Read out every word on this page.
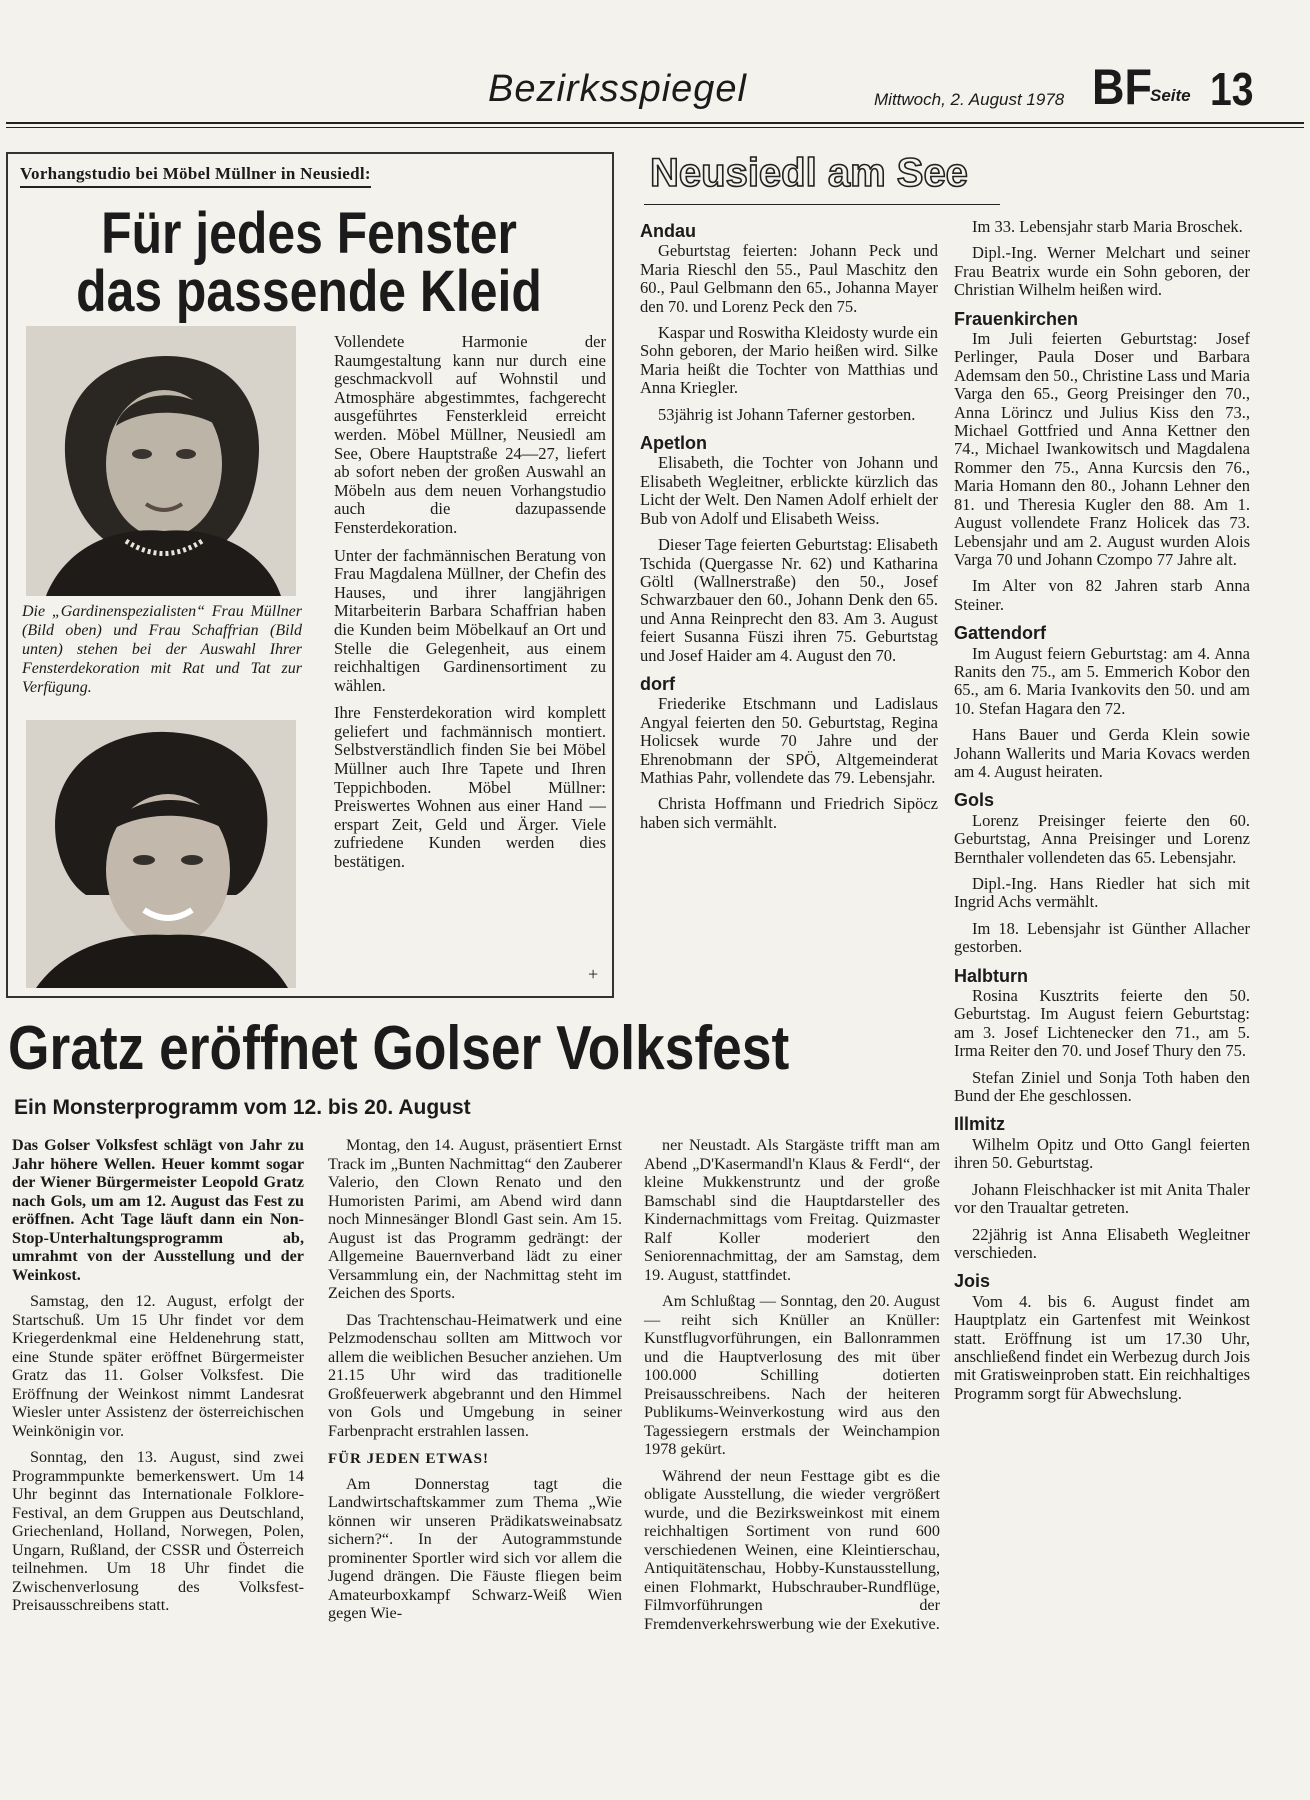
Bezirksspiegel	Mittwoch, 2. August 1978 BF
Seite 13
Vorhangstudio bei Möbel Müllner in Neusiedl:
Für jedes Fenster
das passende Kleid
Die „Gardinenspezialisten“ Frau Müllner (Bild oben) und Frau Schaffrian (Bild unten) stehen bei der Auswahl Ihrer Fensterdekoration mit Rat und Tat zur Verfügung.

Vollendete Harmonie der Raumgestaltung kann nur durch eine geschmackvoll auf Wohnstil und Atmosphäre abgestimmtes, fachgerecht ausgeführtes Fensterkleid erreicht werden. Möbel Müllner, Neusiedl am See, Obere Hauptstraße 24—27, liefert ab sofort neben der großen Auswahl an Möbeln aus dem neuen Vorhangstudio auch die dazupassende Fensterdekoration.

Unter der fachmännischen Beratung von Frau Magdalena Müllner, der Chefin des Hauses, und ihrer langjährigen Mitarbeiterin Barbara Schaffrian haben die Kunden beim Möbelkauf an Ort und Stelle die Gelegenheit, aus einem reichhaltigen Gardinensortiment zu wählen.

Ihre Fensterdekoration wird komplett geliefert und fachmännisch montiert. Selbstverständlich finden Sie bei Möbel Müllner auch Ihre Tapete und Ihren Teppichboden. Möbel Müllner: Preiswertes Wohnen aus einer Hand — erspart Zeit, Geld und Ärger. Viele zufriedene Kunden werden dies bestätigen.

+
Neusiedl am See
Andau

Geburtstag feierten: Johann Peck und Maria Rieschl den 55., Paul Maschitz den 60., Paul Gelbmann den 65., Johanna Mayer den 70. und Lorenz Peck den 75.

Kaspar und Roswitha Kleidosty wurde ein Sohn geboren, der Mario heißen wird. Silke Maria heißt die Tochter von Matthias und Anna Kriegler.

53jährig ist Johann Taferner gestorben.

Apetlon

Elisabeth, die Tochter von Johann und Elisabeth Wegleitner, erblickte kürzlich das Licht der Welt. Den Namen Adolf erhielt der Bub von Adolf und Elisabeth Weiss.

Dieser Tage feierten Geburtstag: Elisabeth Tschida (Quergasse Nr. 62) und Katharina Göltl (Wallnerstraße) den 50., Josef Schwarzbauer den 60., Johann Denk den 65. und Anna Reinprecht den 83. Am 3. August feiert Susanna Füszi ihren 75. Geburtstag und Josef Haider am 4. August den 70.

dorf

Friederike Etschmann und Ladislaus Angyal feierten den 50. Geburtstag, Regina Holicsek wurde 70 Jahre und der Ehrenobmann der SPÖ, Altgemeinderat Mathias Pahr, vollendete das 79. Lebensjahr.

Christa Hoffmann und Friedrich Sipöcz haben sich vermählt.

Im 33. Lebensjahr starb Maria Broschek.

Dipl.-Ing. Werner Melchart und seiner Frau Beatrix wurde ein Sohn geboren, der Christian Wilhelm heißen wird.

Frauenkirchen

Im Juli feierten Geburtstag: Josef Perlinger, Paula Doser und Barbara Ademsam den 50., Christine Lass und Maria Varga den 65., Georg Preisinger den 70., Anna Lörincz und Julius Kiss den 73., Michael Gottfried und Anna Kettner den 74., Michael Iwankowitsch und Magdalena Rommer den 75., Anna Kurcsis den 76., Maria Homann den 80., Johann Lehner den 81. und Theresia Kugler den 88. Am 1. August vollendete Franz Holicek das 73. Lebensjahr und am 2. August wurden Alois Varga 70 und Johann Czompo 77 Jahre alt.

Im Alter von 82 Jahren starb Anna Steiner.

Gattendorf

Im August feiern Geburtstag: am 4. Anna Ranits den 75., am 5. Emmerich Kobor den 65., am 6. Maria Ivankovits den 50. und am 10. Stefan Hagara den 72.

Hans Bauer und Gerda Klein sowie Johann Wallerits und Maria Kovacs werden am 4. August heiraten.

Gols

Lorenz Preisinger feierte den 60. Geburtstag, Anna Preisinger und Lorenz Bernthaler vollendeten das 65. Lebensjahr.

Dipl.-Ing. Hans Riedler hat sich mit Ingrid Achs vermählt.

Im 18. Lebensjahr ist Günther Allacher gestorben.

Halbturn

Rosina Kusztrits feierte den 50. Geburtstag. Im August feiern Geburtstag: am 3. Josef Lichtenecker den 71., am 5. Irma Reiter den 70. und Josef Thury den 75.

Stefan Ziniel und Sonja Toth haben den Bund der Ehe geschlossen.

Illmitz

Wilhelm Opitz und Otto Gangl feierten ihren 50. Geburtstag.

Johann Fleischhacker ist mit Anita Thaler vor den Traualtar getreten.

22jährig ist Anna Elisabeth Wegleitner verschieden.

Jois

Vom 4. bis 6. August findet am Hauptplatz ein Gartenfest mit Weinkost statt. Eröffnung ist um 17.30 Uhr, anschließend findet ein Werbezug durch Jois mit Gratisweinproben statt. Ein reichhaltiges Programm sorgt für Abwechslung.

Gratz eröffnet Golser Volksfest
Ein Monsterprogramm vom 12. bis 20. August

Das Golser Volksfest schlägt von Jahr zu Jahr höhere Wellen. Heuer kommt sogar der Wiener Bürgermeister Leopold Gratz nach Gols, um am 12. August das Fest zu eröffnen. Acht Tage läuft dann ein Non-Stop-Unterhaltungsprogramm ab, umrahmt von der Ausstellung und der Weinkost.

Samstag, den 12. August, erfolgt der Startschuß. Um 15 Uhr findet vor dem Kriegerdenkmal eine Heldenehrung statt, eine Stunde später eröffnet Bürgermeister Gratz das 11. Golser Volksfest. Die Eröffnung der Weinkost nimmt Landesrat Wiesler unter Assistenz der österreichischen Weinkönigin vor.

Sonntag, den 13. August, sind zwei Programmpunkte bemerkenswert. Um 14 Uhr beginnt das Internationale Folklore-Festival, an dem Gruppen aus Deutschland, Griechenland, Holland, Norwegen, Polen, Ungarn, Rußland, der CSSR und Österreich teilnehmen. Um 18 Uhr findet die Zwischenverlosung des Volksfest-Preisausschreibens statt.

Montag, den 14. August, präsentiert Ernst Track im „Bunten Nachmittag“ den Zauberer Valerio, den Clown Renato und den Humoristen Parimi, am Abend wird dann noch Minnesänger Blondl Gast sein. Am 15. August ist das Programm gedrängt: der Allgemeine Bauernverband lädt zu einer Versammlung ein, der Nachmittag steht im Zeichen des Sports.

Das Trachtenschau-Heimatwerk und eine Pelzmodenschau sollten am Mittwoch vor allem die weiblichen Besucher anziehen. Um 21.15 Uhr wird das traditionelle Großfeuerwerk abgebrannt und den Himmel von Gols und Umgebung in seiner Farbenpracht erstrahlen lassen.

FÜR JEDEN ETWAS!

Am Donnerstag tagt die Landwirtschaftskammer zum Thema „Wie können wir unseren Prädikatsweinabsatz sichern?“. In der Autogrammstunde prominenter Sportler wird sich vor allem die Jugend drängen. Die Fäuste fliegen beim Amateurboxkampf Schwarz-Weiß Wien gegen Wie-

ner Neustadt. Als Stargäste trifft man am Abend „D'Kasermandl'n Klaus & Ferdl“, der kleine Mukkenstruntz und der große Bamschabl sind die Hauptdarsteller des Kindernachmittags vom Freitag. Quizmaster Ralf Koller moderiert den Seniorennachmittag, der am Samstag, dem 19. August, stattfindet.

Am Schlußtag — Sonntag, den 20. August — reiht sich Knüller an Knüller: Kunstflugvorführungen, ein Ballonrammen und die Hauptverlosung des mit über 100.000 Schilling dotierten Preisausschreibens. Nach der heiteren Publikums-Weinverkostung wird aus den Tagessiegern erstmals der Weinchampion 1978 gekürt.

Während der neun Festtage gibt es die obligate Ausstellung, die wieder vergrößert wurde, und die Bezirksweinkost mit einem reichhaltigen Sortiment von rund 600 verschiedenen Weinen, eine Kleintierschau, Antiquitätenschau, Hobby-Kunstausstellung, einen Flohmarkt, Hubschrauber-Rundflüge, Filmvorführungen der Fremdenverkehrswerbung wie der Exekutive.
